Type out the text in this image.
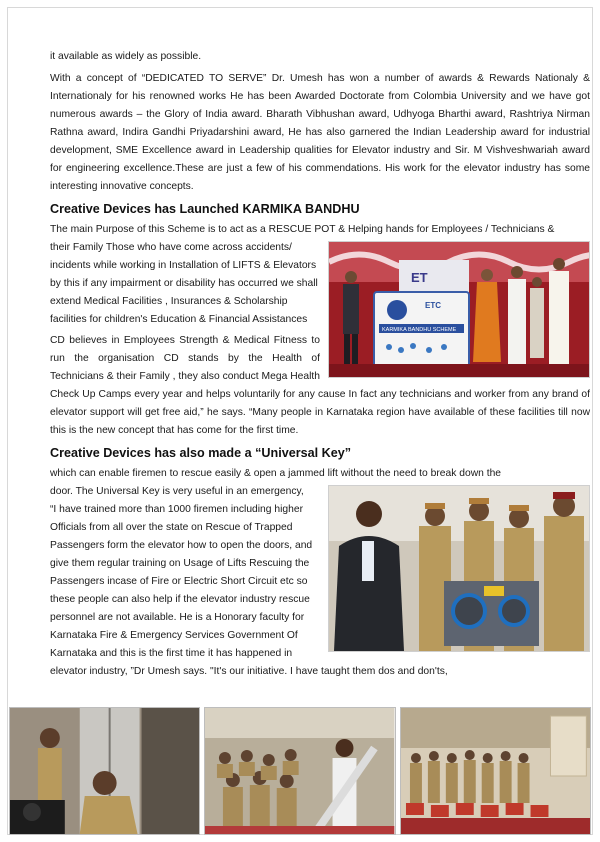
it available as widely as possible.

With a concept of “DEDICATED TO SERVE” Dr. Umesh has won a number of awards & Rewards Nationaly & Internationaly for his renowned works He has been Awarded Doctorate from Colombia University and we have got numerous awards – the Glory of India award. Bharath Vibhushan award, Udhyoga Bharthi award, Rashtriya Nirman Rathna award, Indira Gandhi Priyadarshini award, He has also garnered the Indian Leadership award for industrial development, SME Excellence award in Leadership qualities for Elevator industry and Sir. M Vishveshwariah award for engineering excellence.These are just a few of his commendations. His work for the elevator industry has some interesting innovative concepts.

Creative Devices has Launched KARMIKA BANDHU

The main Purpose of this Scheme is to act as a RESCUE POT & Helping hands for Employees / Technicians &

ET
ETC
KARMIKA BANDHU SCHEME

their Family Those who have come across accidents/ incidents while working in Installation of LIFTS & Elevators by this if any impairment or disability has occurred we shall extend Medical Facilities , Insurances & Scholarship facilities for children's Education & Financial Assistances

CD believes in Employees Strength & Medical Fitness to run the organisation CD stands by the Health of Technicians & their Family , they also conduct Mega Health Check Up Camps every year and helps voluntarily for any cause In fact any technicians and worker from any brand of elevator support will get free aid,” he says. “Many people in Karnataka region have available of these facilities till now this is the new concept that has come for the first time.

Creative Devices has also made a “Universal Key”

which can enable firemen to rescue easily & open a jammed lift without the need to break down the

door. The Universal Key is very useful in an emergency,

“I have trained more than 1000 firemen including higher Officials from all over the state on Rescue of Trapped Passengers form the elevator how to open the doors, and give them regular training on Usage of Lifts Rescuing the Passengers incase of Fire or Electric Short Circuit etc so these people can also help if the elevator industry rescue personnel are not available. He is a Honorary faculty for Karnataka Fire & Emergency Services Government Of Karnataka and this is the first time it has happened in elevator industry, ”Dr Umesh says. "It's our initiative. I have taught them dos and don'ts,
